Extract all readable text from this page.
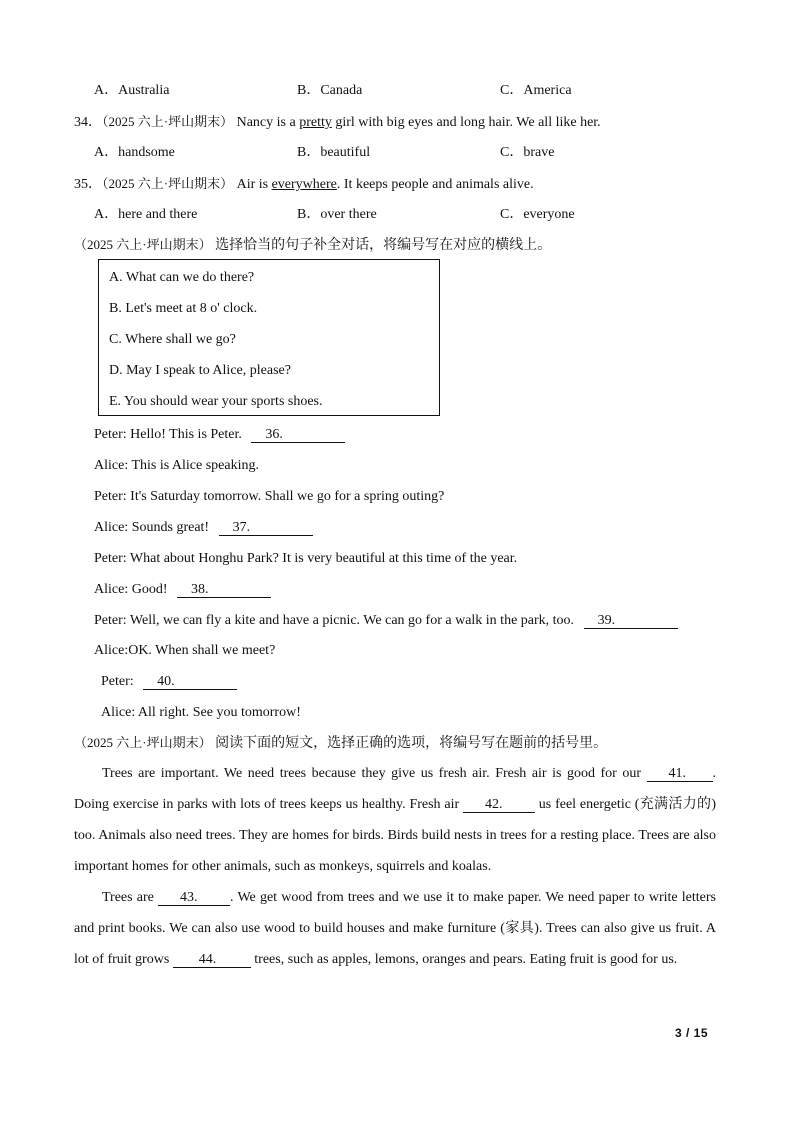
A．Australia	B．Canada	C．America
34．（2025 六上·坪山期末） Nancy is a pretty girl with big eyes and long hair. We all like her.
A．handsome	B．beautiful	C．brave
35．（2025 六上·坪山期末） Air is everywhere. It keeps people and animals alive.
A．here and there	B．over there	C．everyone
（2025 六上·坪山期末） 选择恰当的句子补全对话，将编号写在对应的横线上。
A. What can we do there?
B. Let's meet at 8 o' clock.
C. Where shall we go?
D. May I speak to Alice, please?
E. You should wear your sports shoes.
Peter: Hello! This is Peter. 36.
Alice: This is Alice speaking.
Peter: It's Saturday tomorrow. Shall we go for a spring outing?
Alice: Sounds great! 37.
Peter: What about Honghu Park? It is very beautiful at this time of the year.
Alice: Good! 38.
Peter: Well, we can fly a kite and have a picnic. We can go for a walk in the park, too. 39.
Alice:OK. When shall we meet?
Peter: 40.
Alice: All right. See you tomorrow!
（2025 六上·坪山期末） 阅读下面的短文，选择正确的选项，将编号写在题前的括号里。

Trees are important. We need trees because they give us fresh air. Fresh air is good for our 41. . Doing exercise in parks with lots of trees keeps us healthy. Fresh air 42. us feel energetic (充满活力的) too. Animals also need trees. They are homes for birds. Birds build nests in trees for a resting place. Trees are also important homes for other animals, such as monkeys, squirrels and koalas.

Trees are 43. . We get wood from trees and we use it to make paper. We need paper to write letters and print books. We can also use wood to build houses and make furniture (家具). Trees can also give us fruit. A lot of fruit grows 44. trees, such as apples, lemons, oranges and pears. Eating fruit is good for us.

3 / 15
